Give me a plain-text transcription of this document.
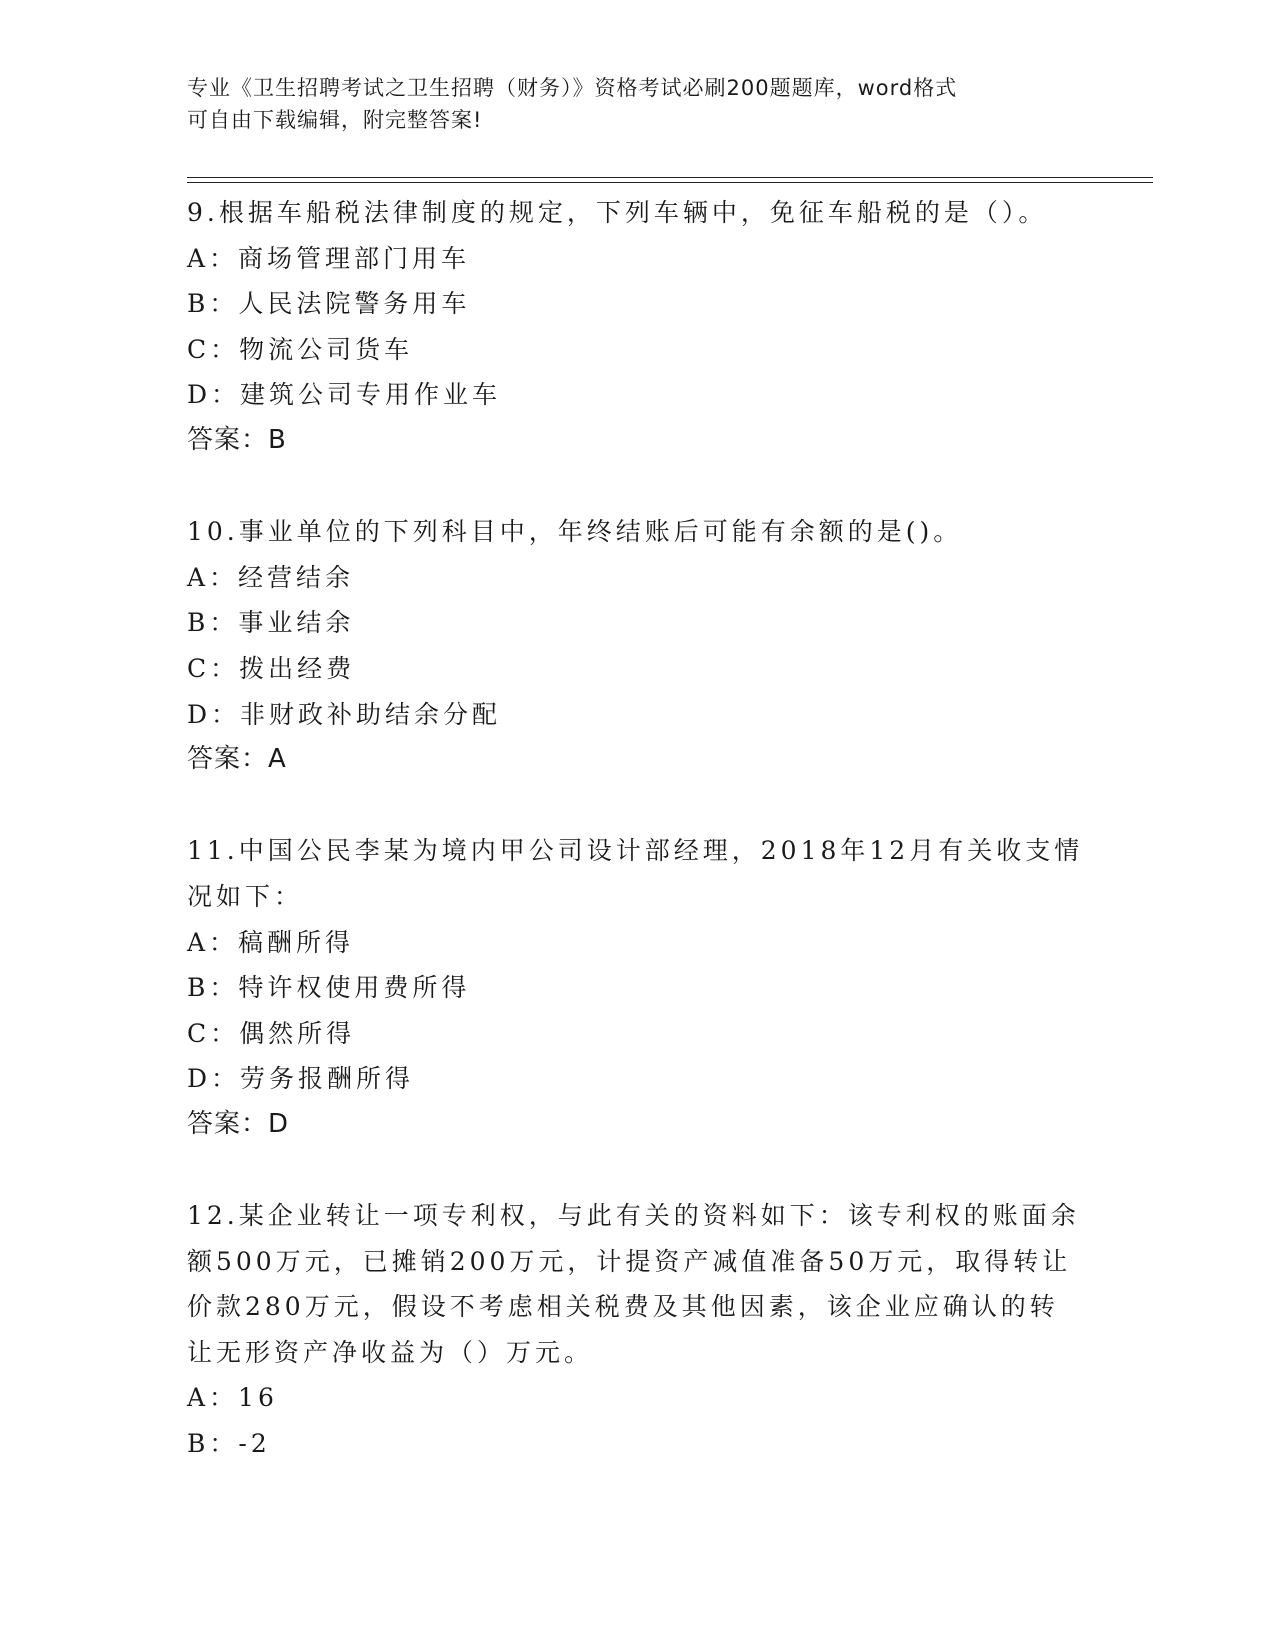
专业《卫生招聘考试之卫生招聘（财务）》资格考试必刷200题题库，word格式
可自由下载编辑，附完整答案!
9.根据车船税法律制度的规定，下列车辆中，免征车船税的是（）。
A：商场管理部门用车
B：人民法院警务用车
C：物流公司货车
D：建筑公司专用作业车
答案：B
10.事业单位的下列科目中，年终结账后可能有余额的是()。
A：经营结余
B：事业结余
C：拨出经费
D：非财政补助结余分配
答案：A
11.中国公民李某为境内甲公司设计部经理，2018年12月有关收支情
况如下：
A：稿酬所得
B：特许权使用费所得
C：偶然所得
D：劳务报酬所得
答案：D
12.某企业转让一项专利权，与此有关的资料如下：该专利权的账面余
额500万元，已摊销200万元，计提资产减值准备50万元，取得转让
价款280万元，假设不考虑相关税费及其他因素，该企业应确认的转
让无形资产净收益为（）万元。
A：16
B：-2
